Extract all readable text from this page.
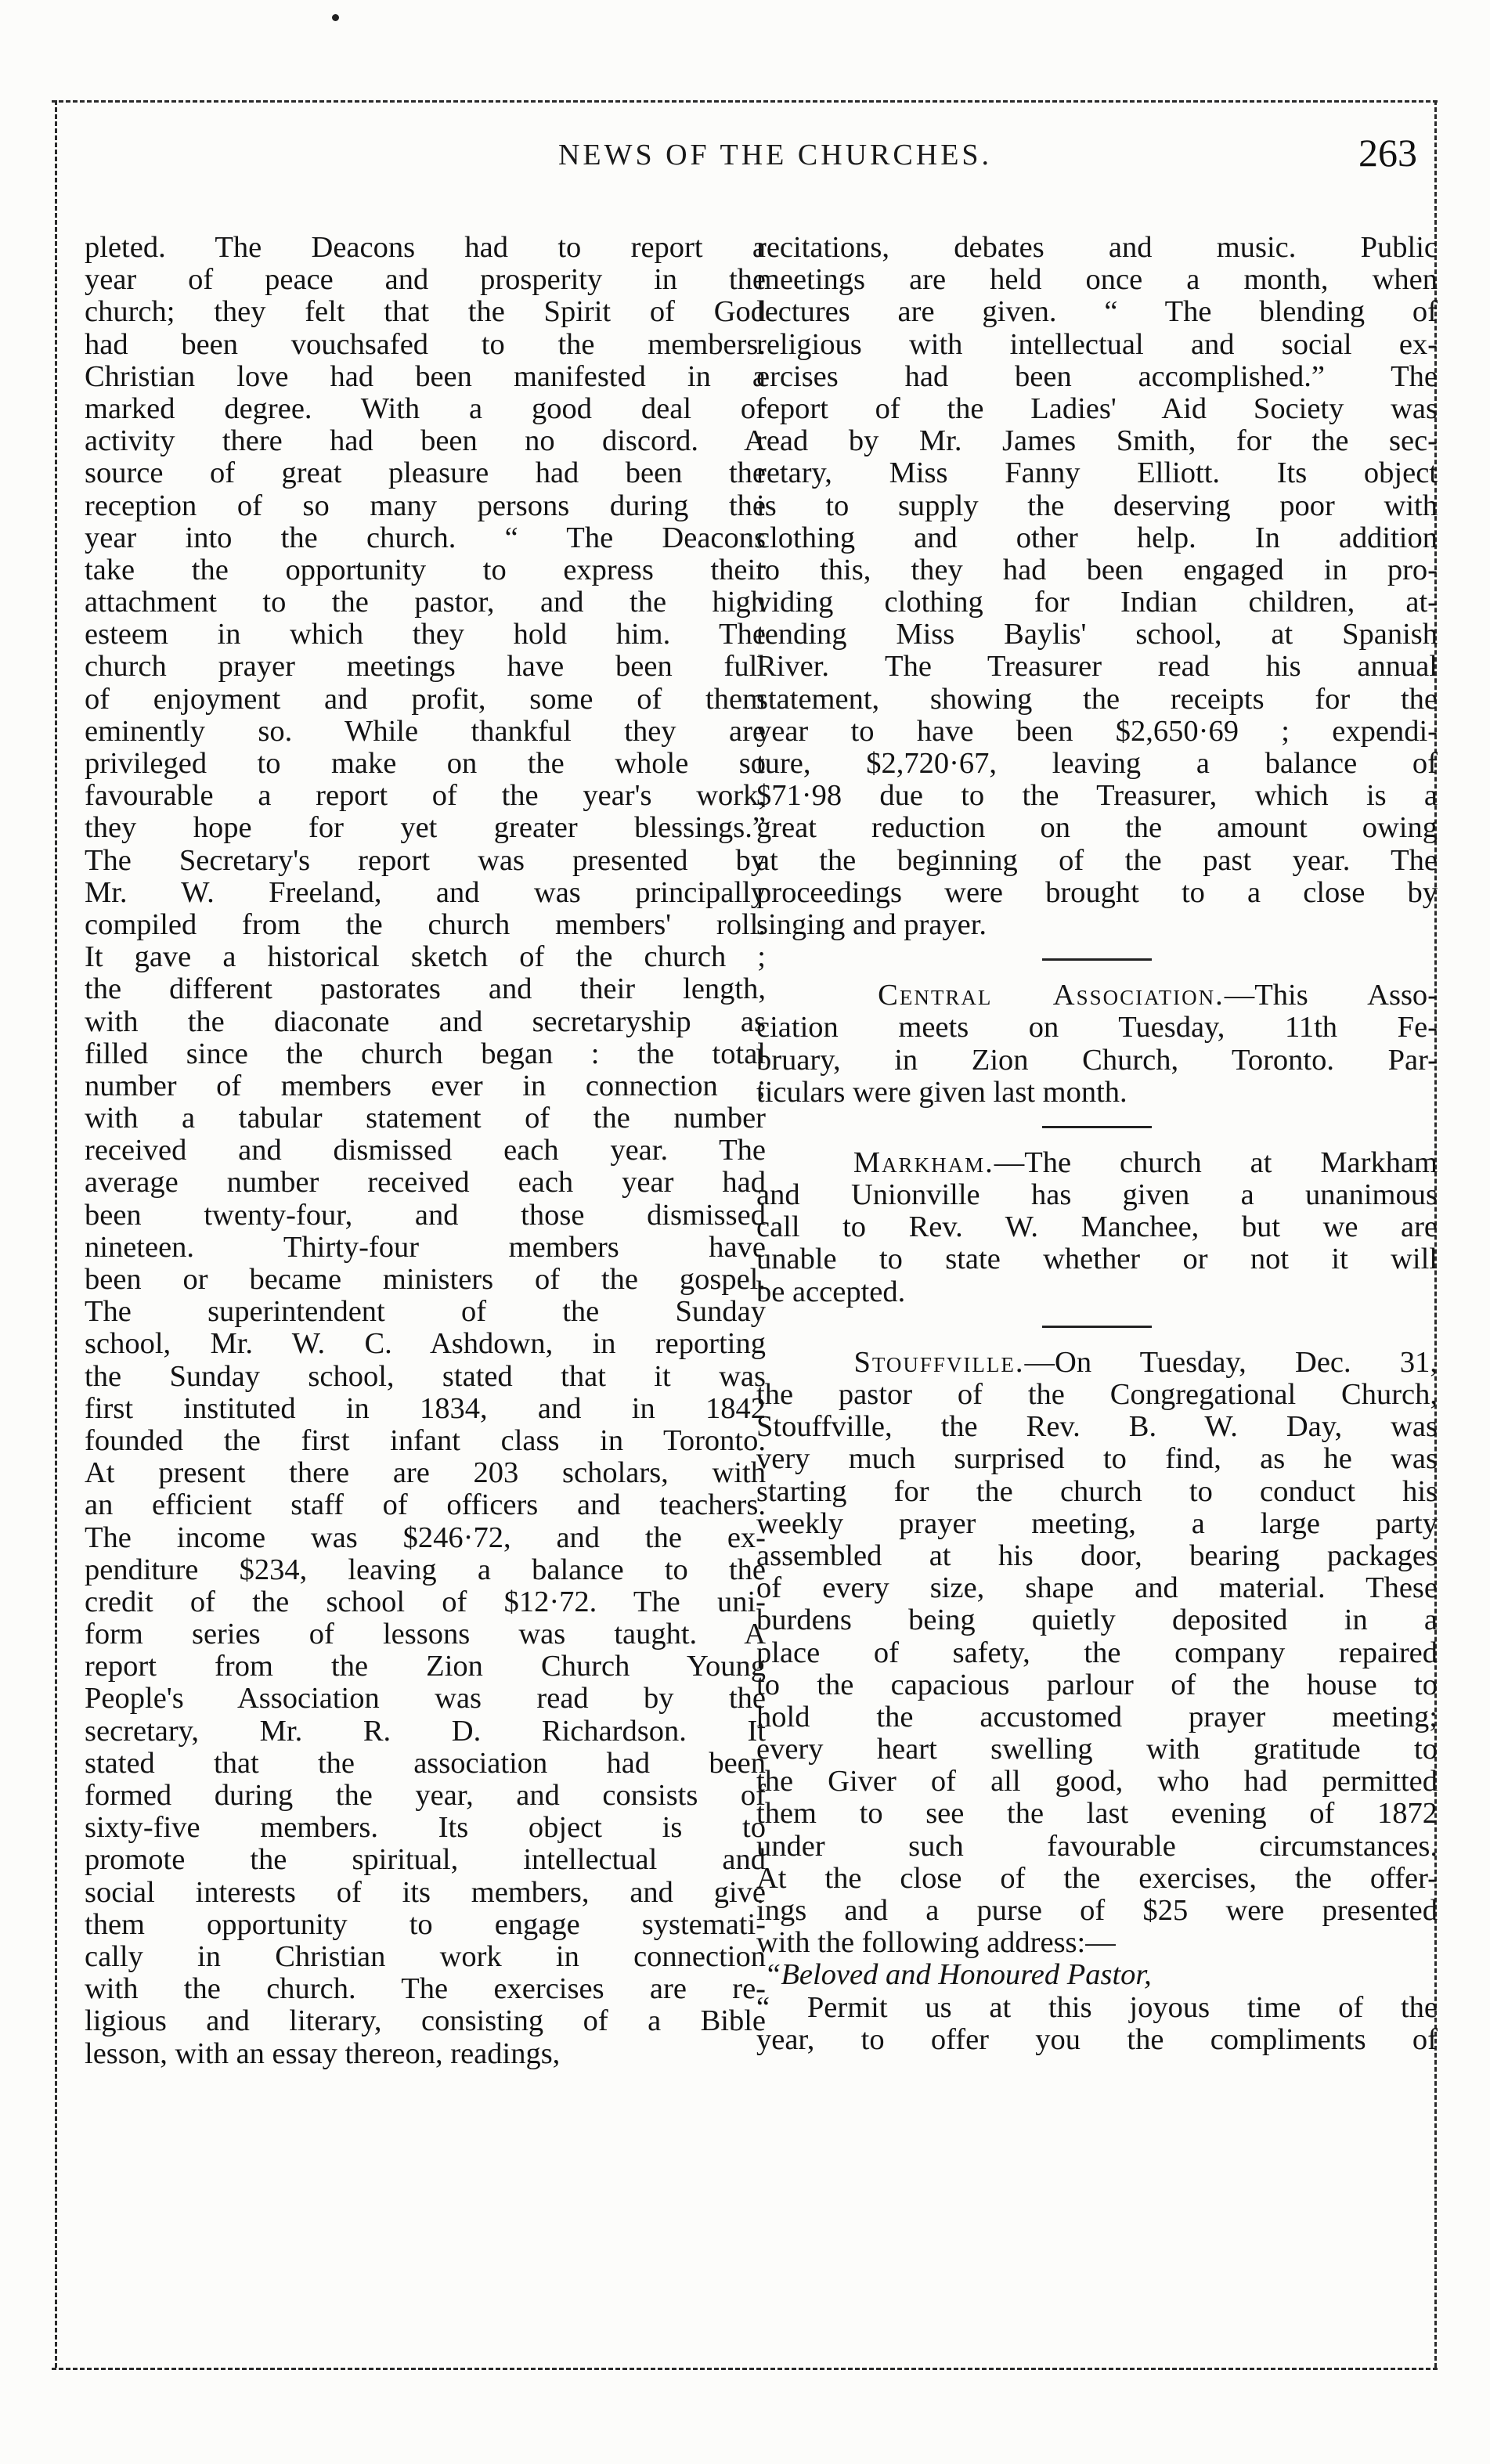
NEWS OF THE CHURCHES.	263
pleted. The Deacons had to report a
year of peace and prosperity in the
church; they felt that the Spirit of God
had been vouchsafed to the members.
Christian love had been manifested in a
marked degree. With a good deal of
activity there had been no discord. A
source of great pleasure had been the
reception of so many persons during the
year into the church. “ The Deacons
take the opportunity to express their
attachment to the pastor, and the high
esteem in which they hold him. The
church prayer meetings have been full
of enjoyment and profit, some of them
eminently so. While thankful they are
privileged to make on the whole so
favourable a report of the year's work,
they hope for yet greater blessings.”
The Secretary's report was presented by
Mr. W. Freeland, and was principally
compiled from the church members' roll.
It gave a historical sketch of the church ;
the different pastorates and their length,
with the diaconate and secretaryship as
filled since the church began : the total
number of members ever in connection ;
with a tabular statement of the number
received and dismissed each year. The
average number received each year had
been twenty-four, and those dismissed
nineteen. Thirty-four members have
been or became ministers of the gospel.
The superintendent of the Sunday
school, Mr. W. C. Ashdown, in reporting
the Sunday school, stated that it was
first instituted in 1834, and in 1842
founded the first infant class in Toronto.
At present there are 203 scholars, with
an efficient staff of officers and teachers.
The income was $246·72, and the ex-
penditure $234, leaving a balance to the
credit of the school of $12·72. The uni-
form series of lessons was taught. A
report from the Zion Church Young
People's Association was read by the
secretary, Mr. R. D. Richardson. It
stated that the association had been
formed during the year, and consists of
sixty-five members. Its object is to
promote the spiritual, intellectual and
social interests of its members, and give
them opportunity to engage systemati-
cally in Christian work in connection
with the church. The exercises are re-
ligious and literary, consisting of a Bible
lesson, with an essay thereon, readings,
recitations, debates and music. Public
meetings are held once a month, when
lectures are given. “ The blending of
religious with intellectual and social ex-
ercises had been accomplished.” The
report of the Ladies' Aid Society was
read by Mr. James Smith, for the sec-
retary, Miss Fanny Elliott. Its object
is to supply the deserving poor with
clothing and other help. In addition
to this, they had been engaged in pro-
viding clothing for Indian children, at-
tending Miss Baylis' school, at Spanish
River. The Treasurer read his annual
statement, showing the receipts for the
year to have been $2,650·69 ; expendi-
ture, $2,720·67, leaving a balance of
$71·98 due to the Treasurer, which is a
great reduction on the amount owing
at the beginning of the past year. The
proceedings were brought to a close by
singing and prayer.
Central Association.—This Asso-
ciation meets on Tuesday, 11th Fe-
bruary, in Zion Church, Toronto. Par-
ticulars were given last month.
Markham.—The church at Markham
and Unionville has given a unanimous
call to Rev. W. Manchee, but we are
unable to state whether or not it will
be accepted.
Stouffville.—On Tuesday, Dec. 31,
the pastor of the Congregational Church,
Stouffville, the Rev. B. W. Day, was
very much surprised to find, as he was
starting for the church to conduct his
weekly prayer meeting, a large party
assembled at his door, bearing packages
of every size, shape and material. These
burdens being quietly deposited in a
place of safety, the company repaired
to the capacious parlour of the house to
hold the accustomed prayer meeting;
every heart swelling with gratitude to
the Giver of all good, who had permitted
them to see the last evening of 1872
under such favourable circumstances.
At the close of the exercises, the offer-
ings and a purse of $25 were presented
with the following address:—
“Beloved and Honoured Pastor,
“ Permit us at this joyous time of the
year, to offer you the compliments of
